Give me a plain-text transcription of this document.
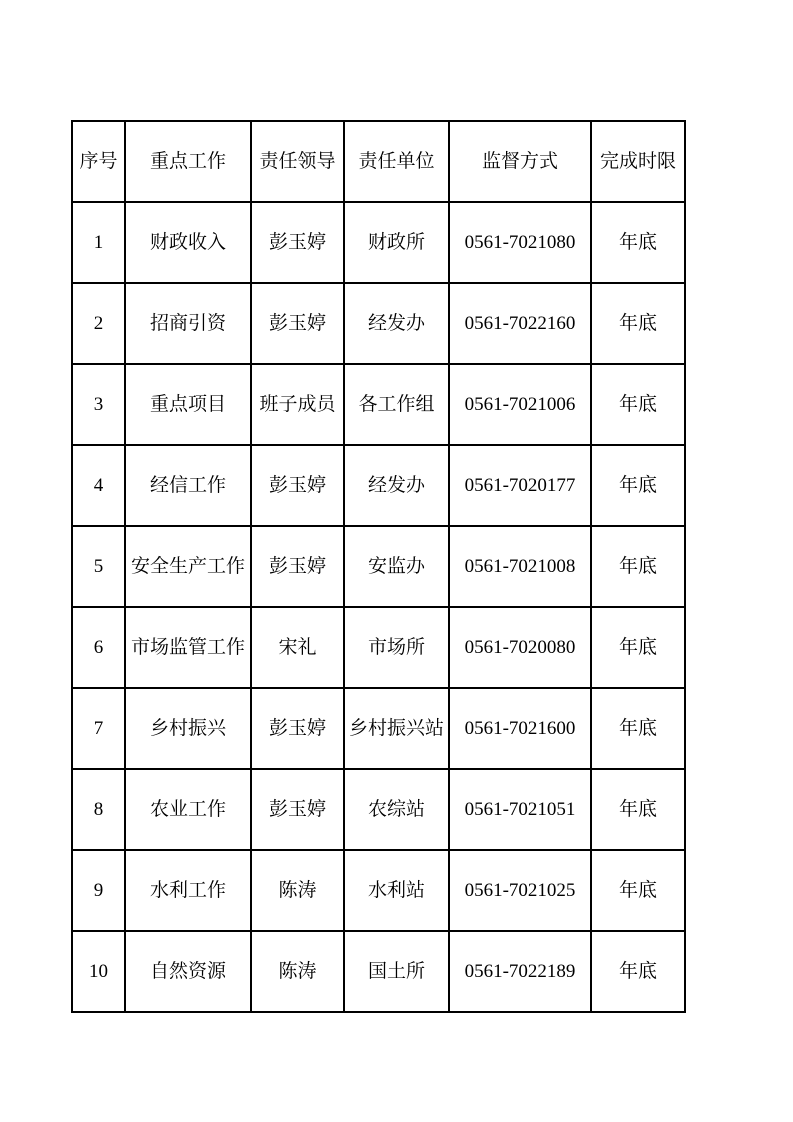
序号	重点工作	责任领导	责任单位	监督方式	完成时限
1	财政收入	彭玉婷	财政所	0561-7021080	年底
2	招商引资	彭玉婷	经发办	0561-7022160	年底
3	重点项目	班子成员	各工作组	0561-7021006	年底
4	经信工作	彭玉婷	经发办	0561-7020177	年底
5	安全生产工作	彭玉婷	安监办	0561-7021008	年底
6	市场监管工作	宋礼	市场所	0561-7020080	年底
7	乡村振兴	彭玉婷	乡村振兴站	0561-7021600	年底
8	农业工作	彭玉婷	农综站	0561-7021051	年底
9	水利工作	陈涛	水利站	0561-7021025	年底
10	自然资源	陈涛	国土所	0561-7022189	年底
